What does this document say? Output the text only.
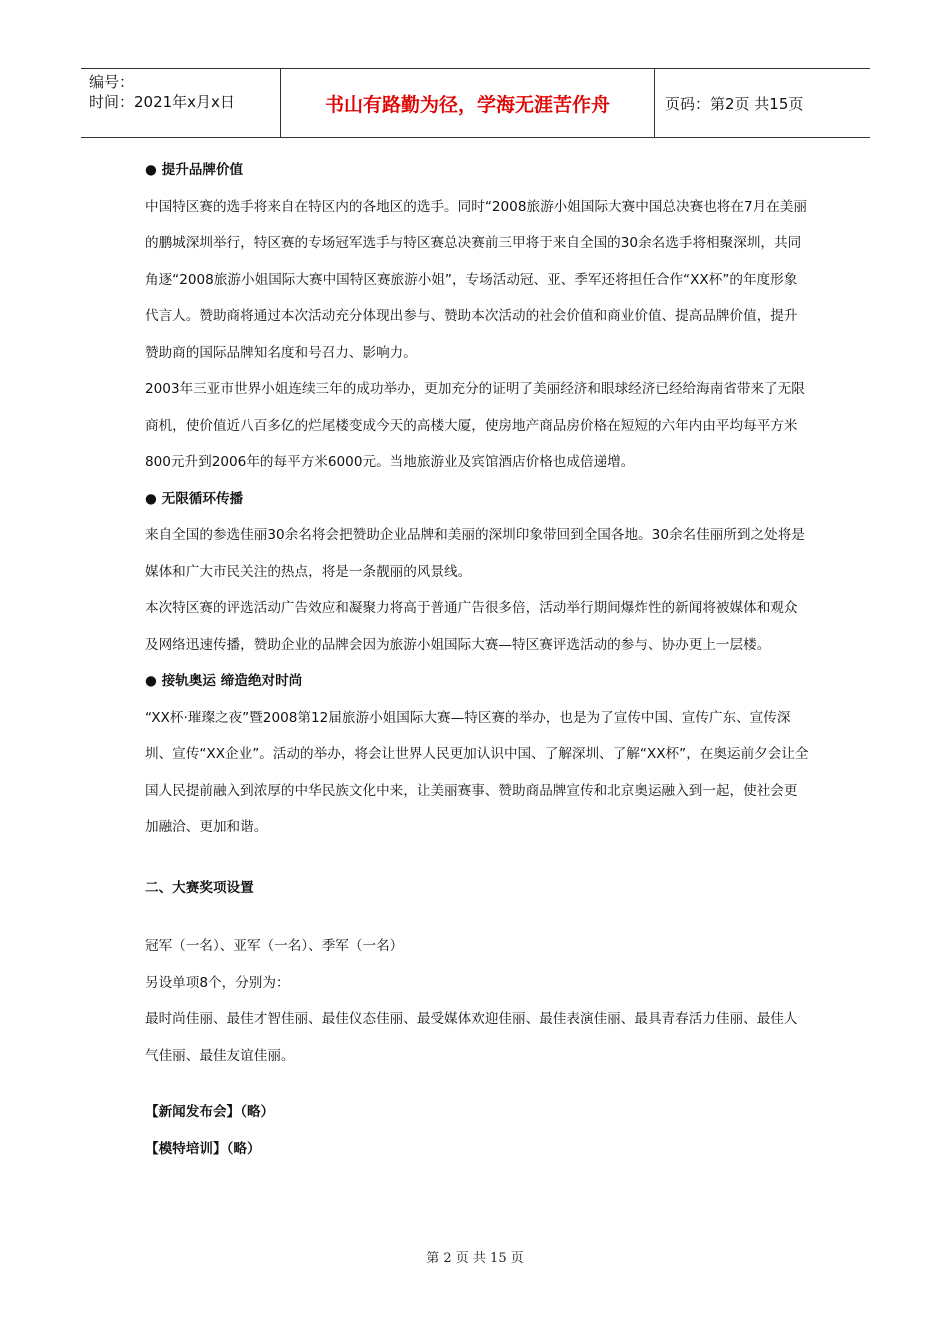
编号：
时间：2021年x月x日	书山有路勤为径，学海无涯苦作舟	页码：第2页 共15页

● 提升品牌价值

中国特区赛的选手将来自在特区内的各地区的选手。同时“2008旅游小姐国际大赛中国总决赛也将在7月在美丽的鹏城深圳举行，特区赛的专场冠军选手与特区赛总决赛前三甲将于来自全国的30余名选手将相聚深圳，共同角逐“2008旅游小姐国际大赛中国特区赛旅游小姐”，专场活动冠、亚、季军还将担任合作“XX杯”的年度形象代言人。赞助商将通过本次活动充分体现出参与、赞助本次活动的社会价值和商业价值、提高品牌价值，提升赞助商的国际品牌知名度和号召力、影响力。

2003年三亚市世界小姐连续三年的成功举办，更加充分的证明了美丽经济和眼球经济已经给海南省带来了无限商机，使价值近八百多亿的烂尾楼变成今天的高楼大厦，使房地产商品房价格在短短的六年内由平均每平方米800元升到2006年的每平方米6000元。当地旅游业及宾馆酒店价格也成倍递增。

● 无限循环传播

来自全国的参选佳丽30余名将会把赞助企业品牌和美丽的深圳印象带回到全国各地。30余名佳丽所到之处将是媒体和广大市民关注的热点，将是一条靓丽的风景线。

本次特区赛的评选活动广告效应和凝聚力将高于普通广告很多倍，活动举行期间爆炸性的新闻将被媒体和观众及网络迅速传播，赞助企业的品牌会因为旅游小姐国际大赛—特区赛评选活动的参与、协办更上一层楼。

● 接轨奥运 缔造绝对时尚

“XX杯·璀璨之夜”暨2008第12届旅游小姐国际大赛—特区赛的举办，也是为了宣传中国、宣传广东、宣传深圳、宣传“XX企业”。活动的举办，将会让世界人民更加认识中国、了解深圳、了解“XX杯”，在奥运前夕会让全国人民提前融入到浓厚的中华民族文化中来，让美丽赛事、赞助商品牌宣传和北京奥运融入到一起，使社会更加融洽、更加和谐。

二、大赛奖项设置

冠军（一名）、亚军（一名）、季军（一名）

另设单项8个，分别为：

最时尚佳丽、最佳才智佳丽、最佳仪态佳丽、最受媒体欢迎佳丽、最佳表演佳丽、最具青春活力佳丽、最佳人气佳丽、最佳友谊佳丽。

【新闻发布会】（略）

【模特培训】（略）

第 2 页 共 15 页
